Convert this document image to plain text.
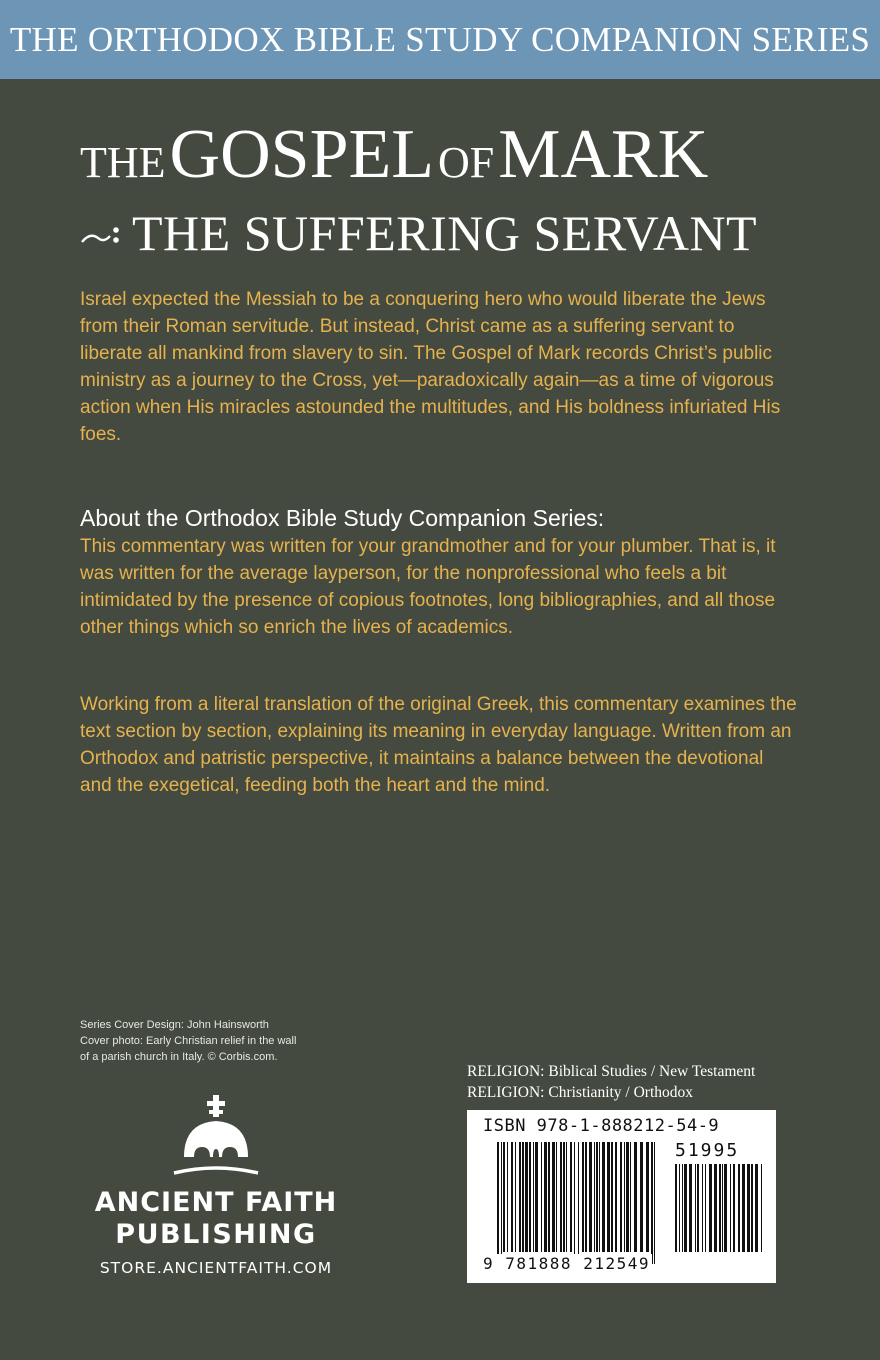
THE ORTHODOX BIBLE STUDY COMPANION SERIES
THE GOSPEL OF MARK
THE SUFFERING SERVANT
Israel expected the Messiah to be a conquering hero who would liberate the Jews from their Roman servitude. But instead, Christ came as a suffering servant to liberate all mankind from slavery to sin. The Gospel of Mark records Christ’s public ministry as a journey to the Cross, yet—paradoxically again—as a time of vigorous action when His miracles astounded the multitudes, and His boldness infuriated His foes.
About the Orthodox Bible Study Companion Series:
This commentary was written for your grandmother and for your plumber. That is, it was written for the average layperson, for the nonprofessional who feels a bit intimidated by the presence of copious footnotes, long bibliographies, and all those other things which so enrich the lives of academics.
Working from a literal translation of the original Greek, this commentary examines the text section by section, explaining its meaning in everyday language. Written from an Orthodox and patristic perspective, it maintains a balance between the devotional and the exegetical, feeding both the heart and the mind.
Series Cover Design: John Hainsworth
Cover photo: Early Christian relief in the wall
of a parish church in Italy. © Corbis.com.
ANCIENT FAITH
PUBLISHING
STORE.ANCIENTFAITH.COM
RELIGION: Biblical Studies / New Testament
RELIGION: Christianity / Orthodox
ISBN 978-1-888212-54-9
51995
9 781888 212549
